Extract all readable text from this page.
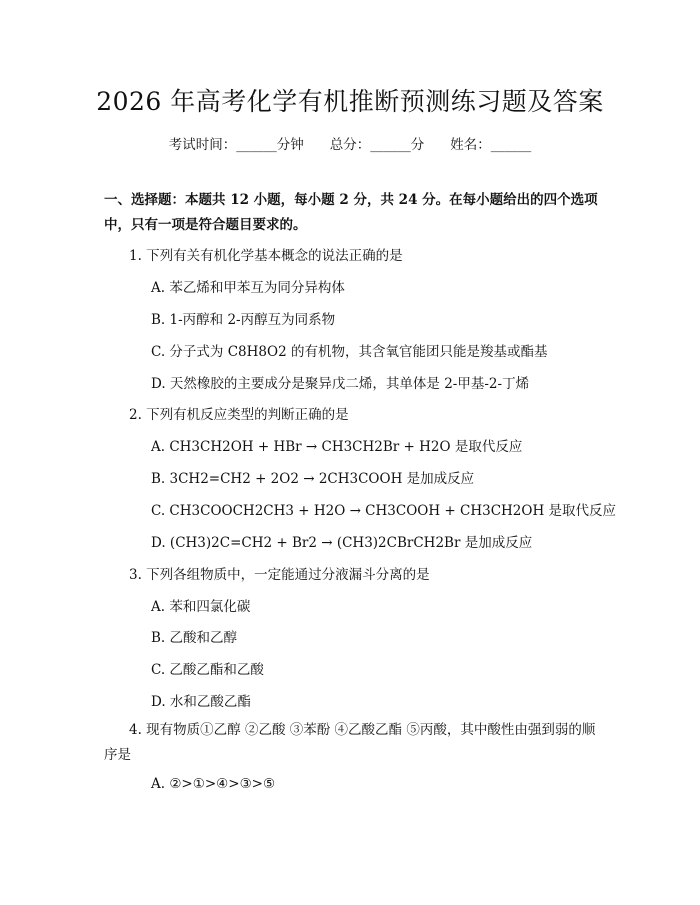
2026 年高考化学有机推断预测练习题及答案
考试时间：______分钟 总分：______分 姓名：______

一、选择题：本题共 12 小题，每小题 2 分，共 24 分。在每小题给出的四个选项中，只有一项是符合题目要求的。

1. 下列有关有机化学基本概念的说法正确的是
A. 苯乙烯和甲苯互为同分异构体
B. 1-丙醇和 2-丙醇互为同系物
C. 分子式为 C8H8O2 的有机物，其含氧官能团只能是羧基或酯基
D. 天然橡胶的主要成分是聚异戊二烯，其单体是 2-甲基-2-丁烯
2. 下列有机反应类型的判断正确的是
A. CH3CH2OH + HBr → CH3CH2Br + H2O 是取代反应
B. 3CH2=CH2 + 2O2 → 2CH3COOH 是加成反应
C. CH3COOCH2CH3 + H2O → CH3COOH + CH3CH2OH 是取代反应
D. (CH3)2C=CH2 + Br2 → (CH3)2CBrCH2Br 是加成反应
3. 下列各组物质中，一定能通过分液漏斗分离的是
A. 苯和四氯化碳
B. 乙酸和乙醇
C. 乙酸乙酯和乙酸
D. 水和乙酸乙酯
4. 现有物质①乙醇 ②乙酸 ③苯酚 ④乙酸乙酯 ⑤丙酸，其中酸性由强到弱的顺序是
A. ②>①>④>③>⑤
